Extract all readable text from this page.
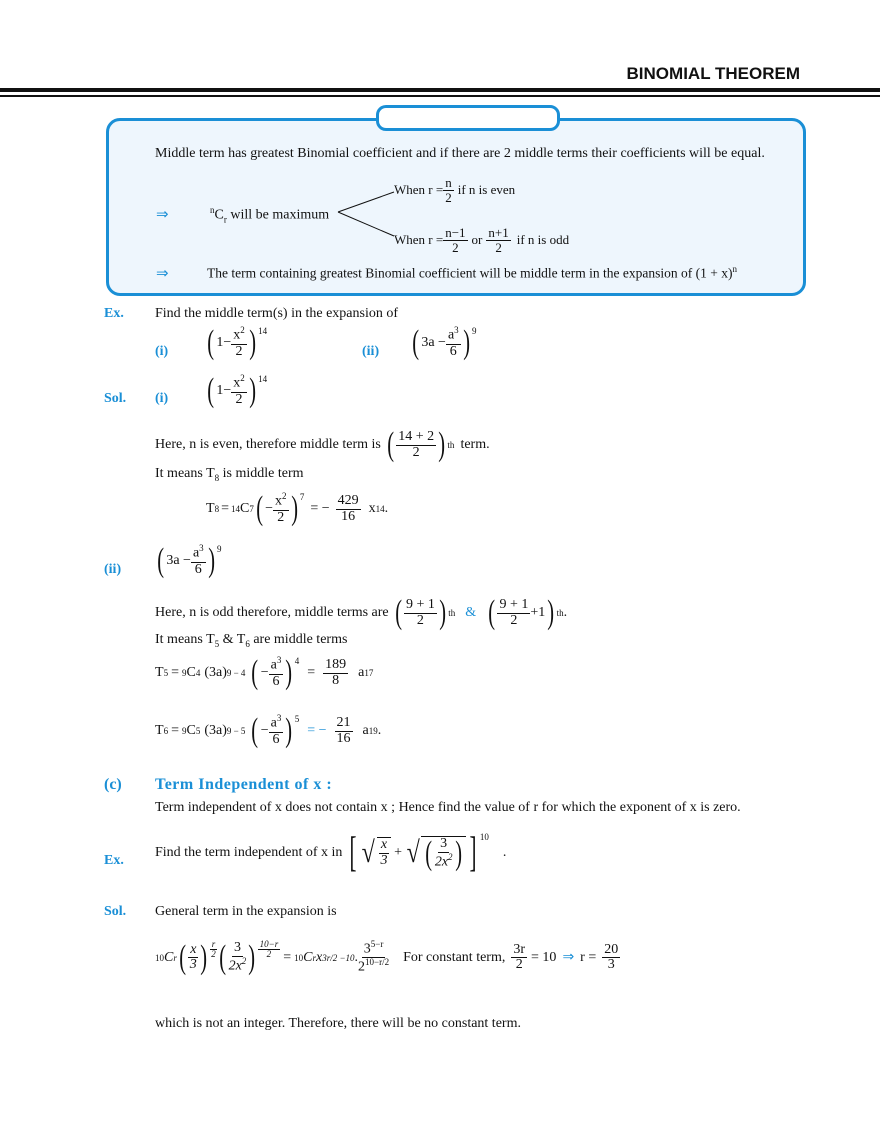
BINOMIAL THEOREM
Middle term has greatest Binomial coefficient and if there are 2 middle terms their coefficients will be equal.
⇒	$^nC_r$ will be maximum
When $r = \frac{n}{2}$ if n is even
When $r = \frac{n-1}{2}$ or $\frac{n+1}{2}$ if n is odd
⇒	The term containing greatest Binomial coefficient will be middle term in the expansion of $(1 + x)^n$
Ex. Find the middle term(s) in the expansion of
(i) ( $1- \frac{x^2}{2}$ ) 14
(ii) ( $3a - \frac{a^3}{6}$ ) 9
Sol. (i) ( $1- \frac{x^2}{2}$ ) 14
Here, n is even, therefore middle term is ( $\frac{14 + 2}{2}$ ) th term.
It means $T_8$ is middle term
T 8 = 14 C 7 ( − $\frac{x^2}{2}$ ) 7
= − $\frac{429}{16}$ x 14 .
(ii) ( $3a - \frac{a^3}{6}$ ) 9
Here, n is odd therefore, middle terms are ( $\frac{9 + 1}{2}$ ) th & ( $\frac{9 + 1}{2} +1$ ) th .
It means $T_5$ & $T_6$ are middle terms
T 5 = 9 C 4 (3a) 9 − 4 ( − $\frac{a^3}{6}$ ) 4
= $\frac{189}{8}$ a 17
T 6 = 9 C 5 (3a) 9 − 5 ( − $\frac{a^3}{6}$ ) 5
= − $\frac{21}{16}$ a 19 .
(c) Term Independent of x :
Term independent of x does not contain x ; Hence find the value of r for which the exponent of x is zero.
Ex.
Find the term independent of x in [ √ $\frac{x}{3}$ + √ ( $\frac{3}{2x^2}$ ) ] 10
.
Sol. General term in the expansion is
10 C r ( $\frac{x}{3}$ ) $\frac{r}{2}$ ( $\frac{3}{2x^2}$ ) $\frac{10-r}{2} = 10$ C r x 3r/2 −10 . $\frac{3^{5-r}}{2^{10-r/2}}$ For constant term, $\frac{3r}{2} = 10$ ⇒ $r = \frac{20}{3}$
which is not an integer. Therefore, there will be no constant term.
